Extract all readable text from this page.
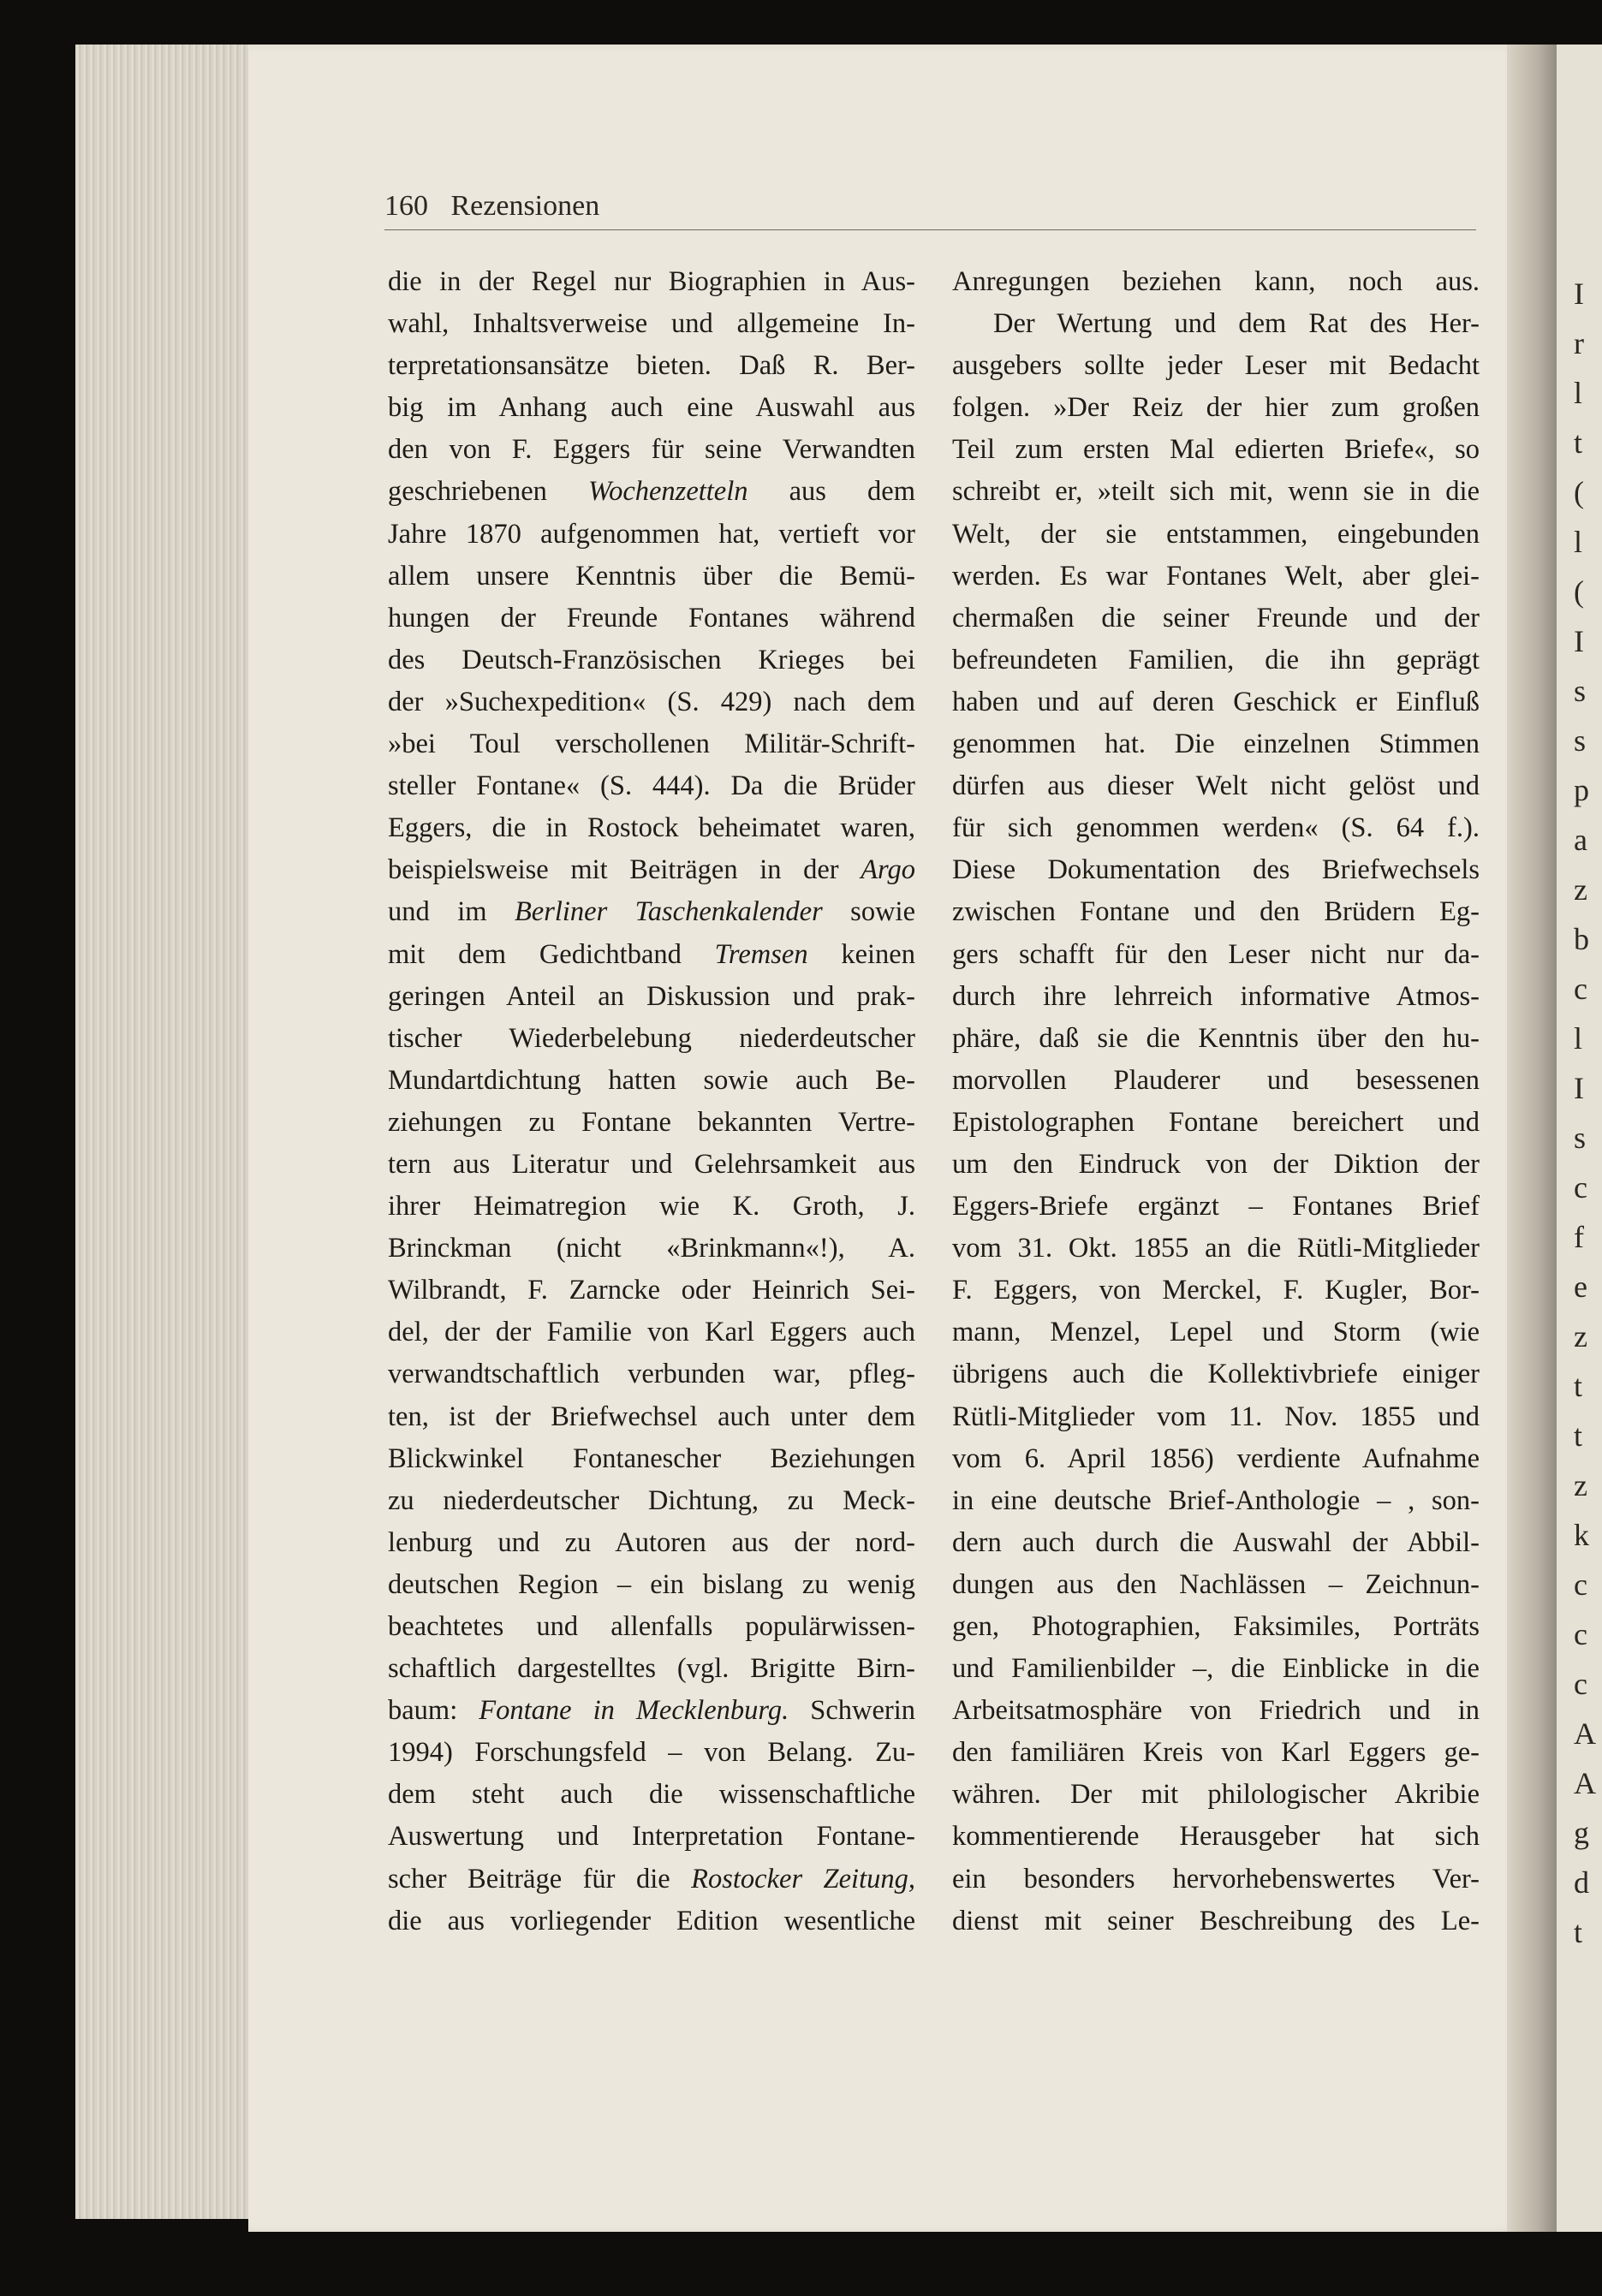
I
r
l
t
(
l
(
I
s
s
p
a
z
b
c
l
I
s
c
f
e
z
t
t
z
k
c
c
c
A
A
g
d
t
160 Rezensionen
die in der Regel nur Biographien in Aus-
wahl, Inhaltsverweise und allgemeine In-
terpretationsansätze bieten. Daß R. Ber-
big im Anhang auch eine Auswahl aus
den von F. Eggers für seine Verwandten
geschriebenen Wochenzetteln aus dem
Jahre 1870 aufgenommen hat, vertieft vor
allem unsere Kenntnis über die Bemü-
hungen der Freunde Fontanes während
des Deutsch-Französischen Krieges bei
der »Suchexpedition« (S. 429) nach dem
»bei Toul verschollenen Militär-Schrift-
steller Fontane« (S. 444). Da die Brüder
Eggers, die in Rostock beheimatet waren,
beispielsweise mit Beiträgen in der Argo
und im Berliner Taschenkalender sowie
mit dem Gedichtband Tremsen keinen
geringen Anteil an Diskussion und prak-
tischer Wiederbelebung niederdeutscher
Mundartdichtung hatten sowie auch Be-
ziehungen zu Fontane bekannten Vertre-
tern aus Literatur und Gelehrsamkeit aus
ihrer Heimatregion wie K. Groth, J.
Brinckman (nicht «Brinkmann«!), A.
Wilbrandt, F. Zarncke oder Heinrich Sei-
del, der der Familie von Karl Eggers auch
verwandtschaftlich verbunden war, pfleg-
ten, ist der Briefwechsel auch unter dem
Blickwinkel Fontanescher Beziehungen
zu niederdeutscher Dichtung, zu Meck-
lenburg und zu Autoren aus der nord-
deutschen Region – ein bislang zu wenig
beachtetes und allenfalls populärwissen-
schaftlich dargestelltes (vgl. Brigitte Birn-
baum: Fontane in Mecklenburg. Schwerin
1994) Forschungsfeld – von Belang. Zu-
dem steht auch die wissenschaftliche
Auswertung und Interpretation Fontane-
scher Beiträge für die Rostocker Zeitung,
die aus vorliegender Edition wesentliche
Anregungen beziehen kann, noch aus.
Der Wertung und dem Rat des Her-
ausgebers sollte jeder Leser mit Bedacht
folgen. »Der Reiz der hier zum großen
Teil zum ersten Mal edierten Briefe«, so
schreibt er, »teilt sich mit, wenn sie in die
Welt, der sie entstammen, eingebunden
werden. Es war Fontanes Welt, aber glei-
chermaßen die seiner Freunde und der
befreundeten Familien, die ihn geprägt
haben und auf deren Geschick er Einfluß
genommen hat. Die einzelnen Stimmen
dürfen aus dieser Welt nicht gelöst und
für sich genommen werden« (S. 64 f.).
Diese Dokumentation des Briefwechsels
zwischen Fontane und den Brüdern Eg-
gers schafft für den Leser nicht nur da-
durch ihre lehrreich informative Atmos-
phäre, daß sie die Kenntnis über den hu-
morvollen Plauderer und besessenen
Epistolographen Fontane bereichert und
um den Eindruck von der Diktion der
Eggers-Briefe ergänzt – Fontanes Brief
vom 31. Okt. 1855 an die Rütli-Mitglieder
F. Eggers, von Merckel, F. Kugler, Bor-
mann, Menzel, Lepel und Storm (wie
übrigens auch die Kollektivbriefe einiger
Rütli-Mitglieder vom 11. Nov. 1855 und
vom 6. April 1856) verdiente Aufnahme
in eine deutsche Brief-Anthologie – , son-
dern auch durch die Auswahl der Abbil-
dungen aus den Nachlässen – Zeichnun-
gen, Photographien, Faksimiles, Porträts
und Familienbilder –, die Einblicke in die
Arbeitsatmosphäre von Friedrich und in
den familiären Kreis von Karl Eggers ge-
währen. Der mit philologischer Akribie
kommentierende Herausgeber hat sich
ein besonders hervorhebenswertes Ver-
dienst mit seiner Beschreibung des Le-
